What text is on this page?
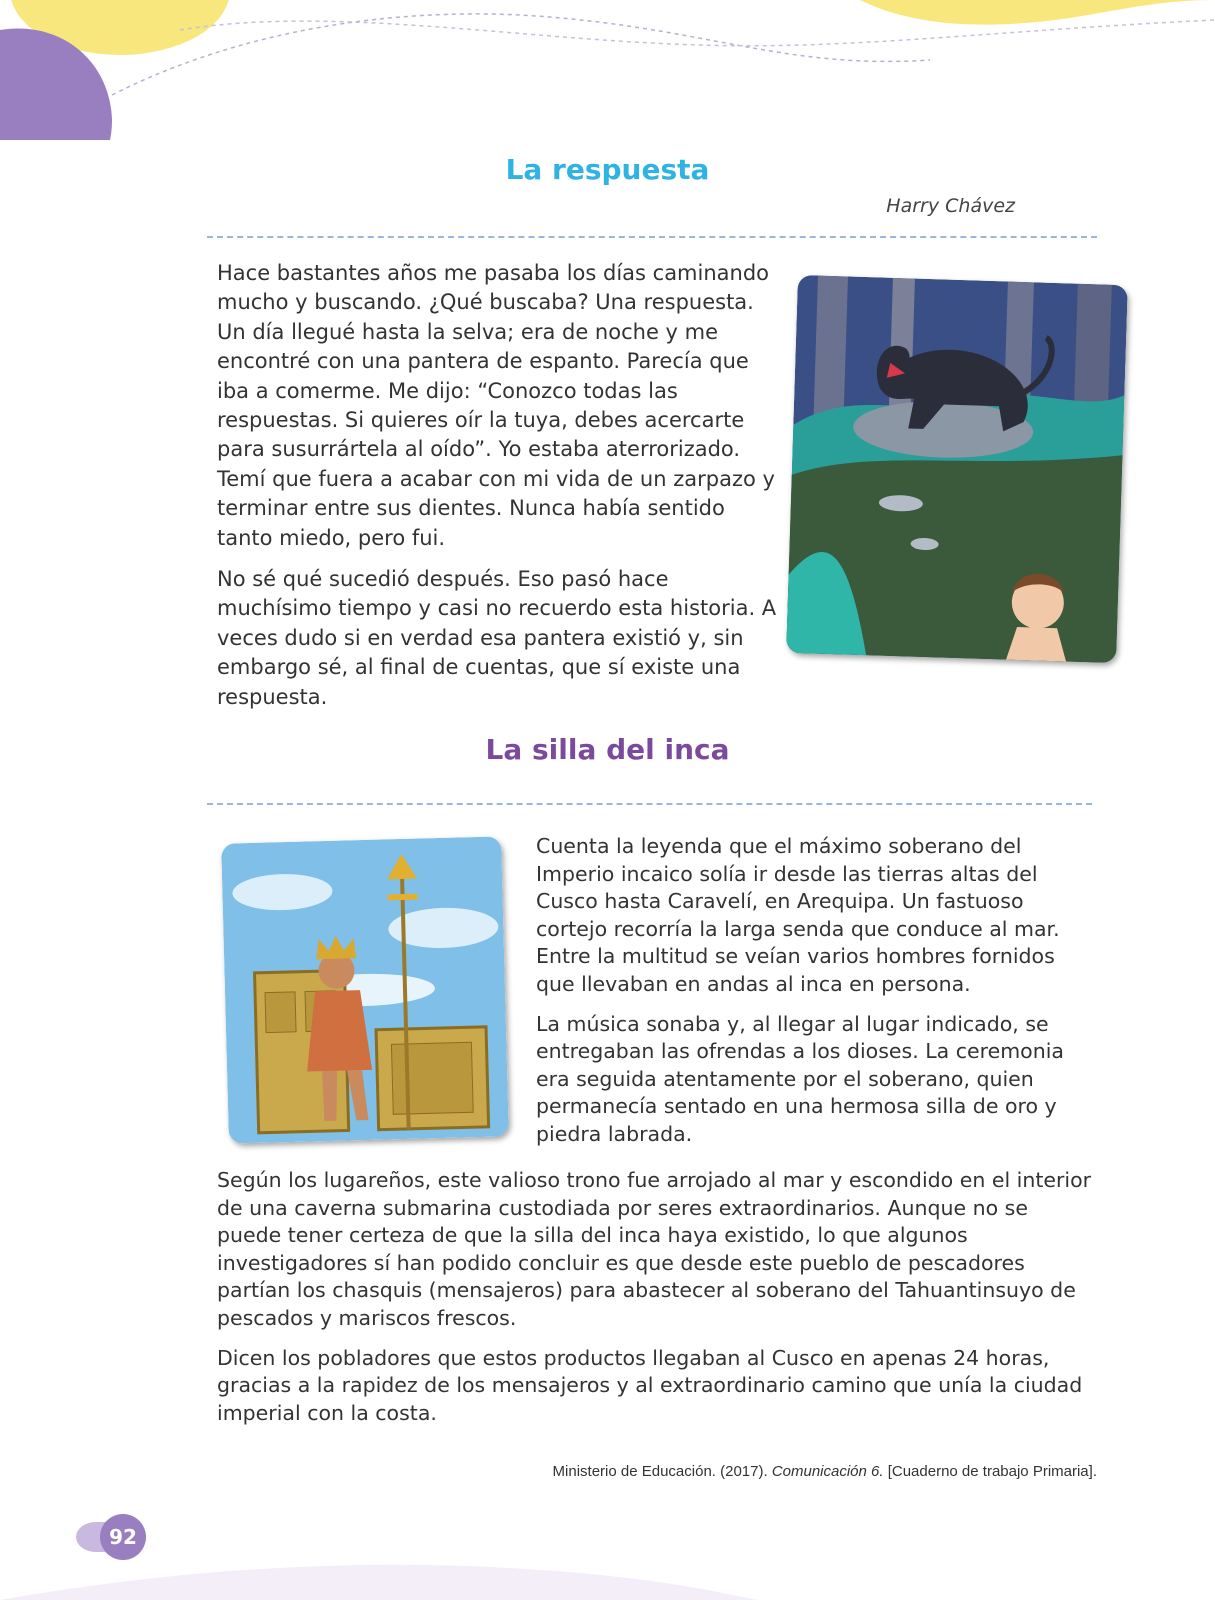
La respuesta

Harry Chávez

Hace bastantes años me pasaba los días caminando mucho y buscando. ¿Qué buscaba? Una respuesta. Un día llegué hasta la selva; era de noche y me encontré con una pantera de espanto. Parecía que iba a comerme. Me dijo: “Conozco todas las respuestas. Si quieres oír la tuya, debes acercarte para susurrártela al oído”. Yo estaba aterrorizado. Temí que fuera a acabar con mi vida de un zarpazo y terminar entre sus dientes. Nunca había sentido tanto miedo, pero fui.

No sé qué sucedió después. Eso pasó hace muchísimo tiempo y casi no recuerdo esta historia. A veces dudo si en verdad esa pantera existió y, sin embargo sé, al final de cuentas, que sí existe una respuesta.

La silla del inca

Cuenta la leyenda que el máximo soberano del Imperio incaico solía ir desde las tierras altas del Cusco hasta Caravelí, en Arequipa. Un fastuoso cortejo recorría la larga senda que conduce al mar. Entre la multitud se veían varios hombres fornidos que llevaban en andas al inca en persona.

La música sonaba y, al llegar al lugar indicado, se entregaban las ofrendas a los dioses. La ceremonia era seguida atentamente por el soberano, quien permanecía sentado en una hermosa silla de oro y piedra labrada.

Según los lugareños, este valioso trono fue arrojado al mar y escondido en el interior de una caverna submarina custodiada por seres extraordinarios. Aunque no se puede tener certeza de que la silla del inca haya existido, lo que algunos investigadores sí han podido concluir es que desde este pueblo de pescadores partían los chasquis (mensajeros) para abastecer al soberano del Tahuantinsuyo de pescados y mariscos frescos.

Dicen los pobladores que estos productos llegaban al Cusco en apenas 24 horas, gracias a la rapidez de los mensajeros y al extraordinario camino que unía la ciudad imperial con la costa.

Ministerio de Educación. (2017). Comunicación 6. [Cuaderno de trabajo Primaria].

92
